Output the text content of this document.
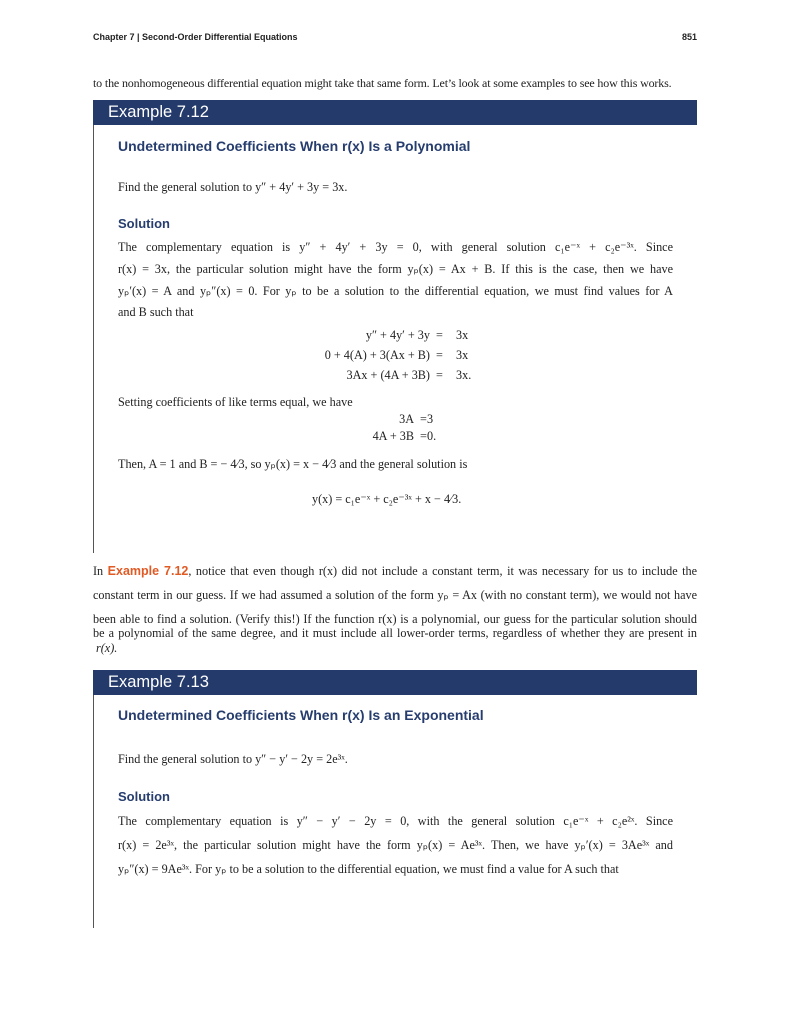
Chapter 7 | Second-Order Differential Equations	851
to the nonhomogeneous differential equation might take that same form. Let’s look at some examples to see how this works.
Example 7.12
Undetermined Coefficients When r(x) Is a Polynomial
Find the general solution to y″ + 4y′ + 3y = 3x.
Solution
The complementary equation is y″ + 4y′ + 3y = 0, with general solution c₁e⁻ˣ + c₂e⁻³ˣ. Since
r(x) = 3x, the particular solution might have the form yₚ(x) = Ax + B. If this is the case, then we have
yₚ′(x) = A and yₚ″(x) = 0. For yₚ to be a solution to the differential equation, we must find values for A
and B such that
y″ + 4y′ + 3y = 3x
0 + 4(A) + 3(Ax + B) = 3x
3Ax + (4A + 3B) = 3x.
Setting coefficients of like terms equal, we have
3A = 3
4A + 3B = 0.
Then, A = 1 and B = − 4⁄3, so yₚ(x) = x − 4⁄3 and the general solution is
y(x) = c₁e⁻ˣ + c₂e⁻³ˣ + x − 4⁄3.
In Example 7.12, notice that even though r(x) did not include a constant term, it was necessary for us to include the
constant term in our guess. If we had assumed a solution of the form yₚ = Ax (with no constant term), we would not have
been able to find a solution. (Verify this!) If the function r(x) is a polynomial, our guess for the particular solution should
be a polynomial of the same degree, and it must include all lower-order terms, regardless of whether they are present in
r(x).
Example 7.13
Undetermined Coefficients When r(x) Is an Exponential
Find the general solution to y″ − y′ − 2y = 2e³ˣ.
Solution
The complementary equation is y″ − y′ − 2y = 0, with the general solution c₁e⁻ˣ + c₂e²ˣ. Since
r(x) = 2e³ˣ, the particular solution might have the form yₚ(x) = Ae³ˣ. Then, we have yₚ′(x) = 3Ae³ˣ and
yₚ″(x) = 9Ae³ˣ. For yₚ to be a solution to the differential equation, we must find a value for A such that
